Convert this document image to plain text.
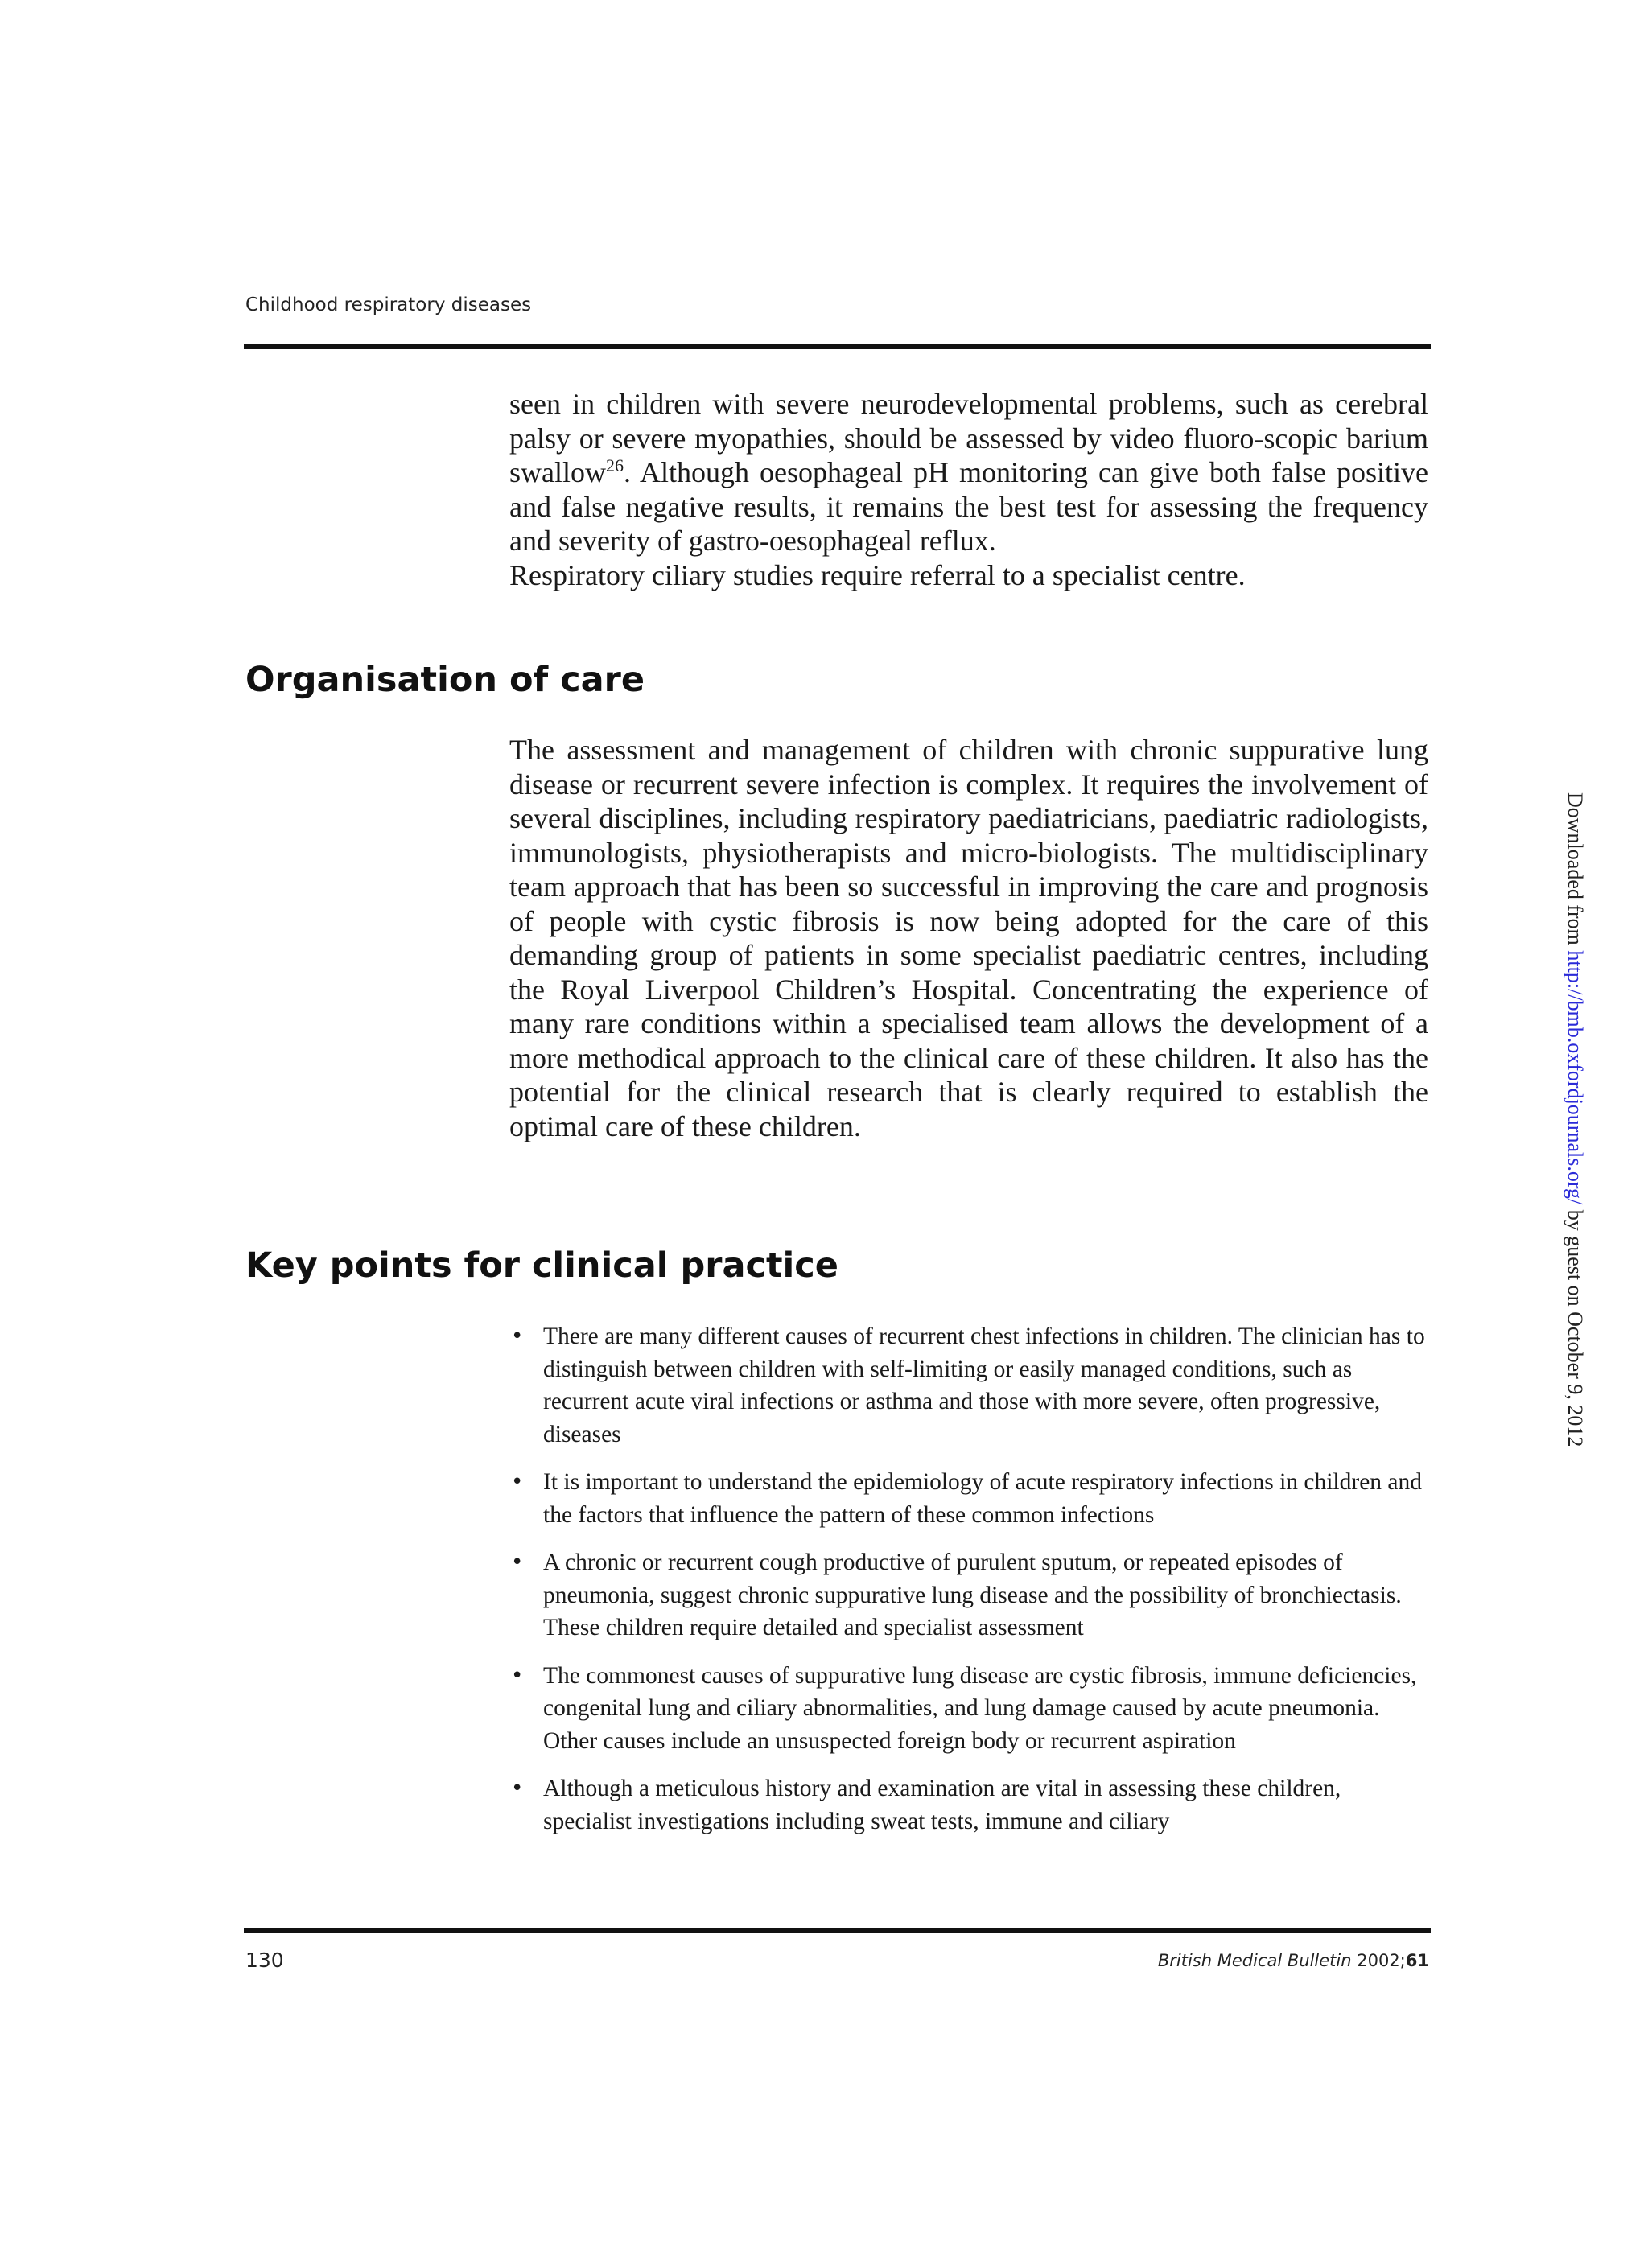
Childhood respiratory diseases

seen in children with severe neurodevelopmental problems, such as cerebral palsy or severe myopathies, should be assessed by video fluoro-scopic barium swallow$^{26}$. Although oesophageal pH monitoring can give both false positive and false negative results, it remains the best test for assessing the frequency and severity of gastro-oesophageal reflux.
Respiratory ciliary studies require referral to a specialist centre.

Organisation of care

The assessment and management of children with chronic suppurative lung disease or recurrent severe infection is complex. It requires the involvement of several disciplines, including respiratory paediatricians, paediatric radiologists, immunologists, physiotherapists and micro-biologists. The multidisciplinary team approach that has been so successful in improving the care and prognosis of people with cystic fibrosis is now being adopted for the care of this demanding group of patients in some specialist paediatric centres, including the Royal Liverpool Children’s Hospital. Concentrating the experience of many rare conditions within a specialised team allows the development of a more methodical approach to the clinical care of these children. It also has the potential for the clinical research that is clearly required to establish the optimal care of these children.

Key points for clinical practice
• There are many different causes of recurrent chest infections in children. The clinician has to distinguish between children with self-limiting or easily managed conditions, such as recurrent acute viral infections or asthma and those with more severe, often progressive, diseases
• It is important to understand the epidemiology of acute respiratory infections in children and the factors that influence the pattern of these common infections
• A chronic or recurrent cough productive of purulent sputum, or repeated episodes of pneumonia, suggest chronic suppurative lung disease and the possibility of bronchiectasis. These children require detailed and specialist assessment
• The commonest causes of suppurative lung disease are cystic fibrosis, immune deficiencies, congenital lung and ciliary abnormalities, and lung damage caused by acute pneumonia. Other causes include an unsuspected foreign body or recurrent aspiration
• Although a meticulous history and examination are vital in assessing these children, specialist investigations including sweat tests, immune and ciliary
130	British Medical Bulletin 2002;61
Downloaded from http://bmb.oxfordjournals.org/ by guest on October 9, 2012
